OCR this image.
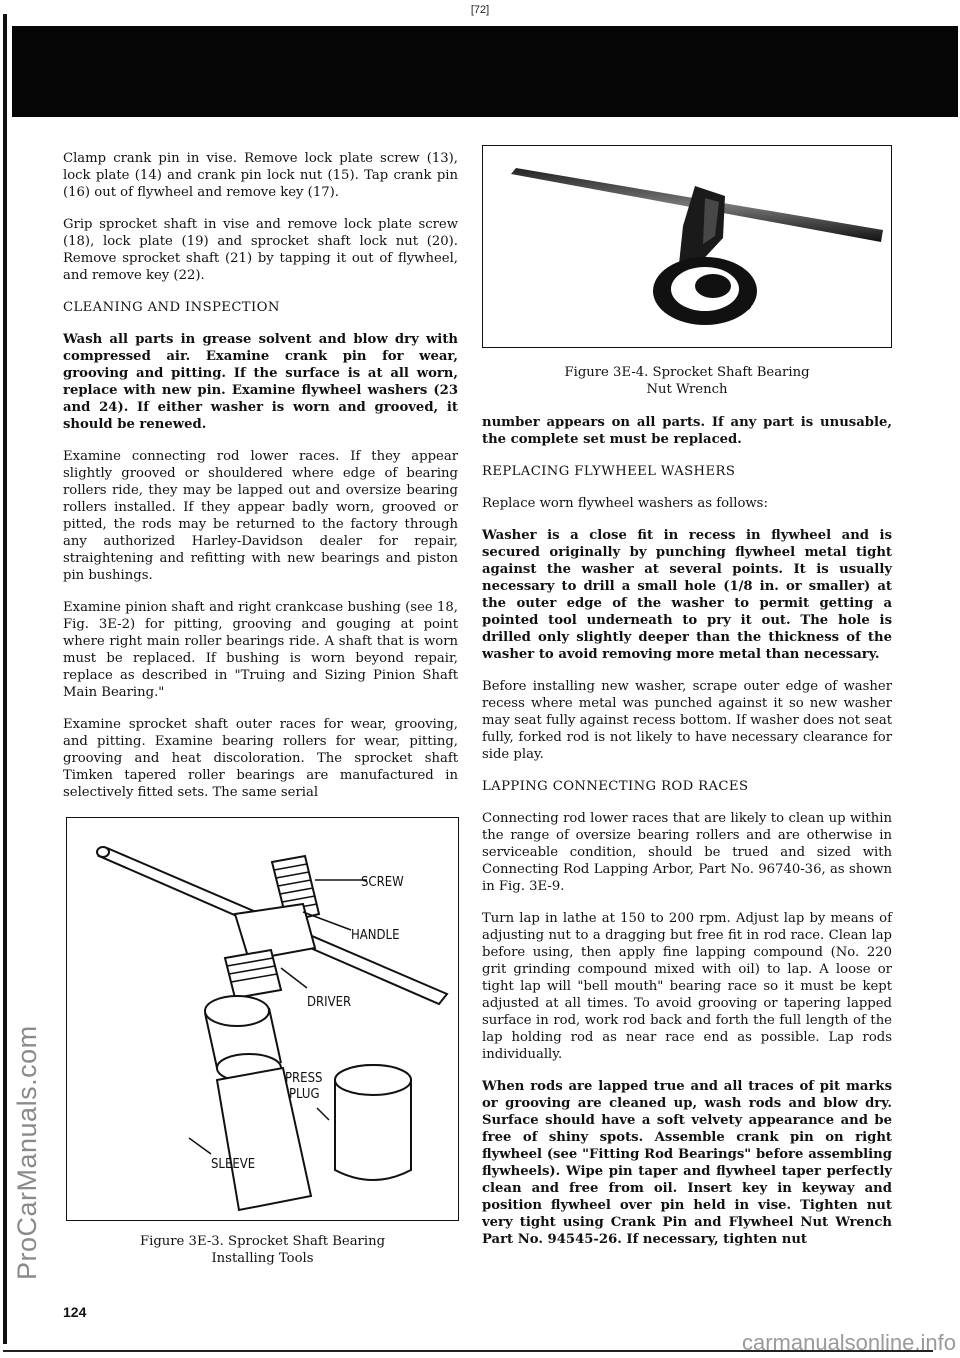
[72]
ProCarManuals.com

Clamp crank pin in vise. Remove lock plate screw (13), lock plate (14) and crank pin lock nut (15). Tap crank pin (16) out of flywheel and remove key (17).

Grip sprocket shaft in vise and remove lock plate screw (18), lock plate (19) and sprocket shaft lock nut (20). Remove sprocket shaft (21) by tapping it out of flywheel, and remove key (22).

CLEANING AND INSPECTION

Wash all parts in grease solvent and blow dry with compressed air. Examine crank pin for wear, grooving and pitting. If the surface is at all worn, replace with new pin. Examine flywheel washers (23 and 24). If either washer is worn and grooved, it should be renewed.

Examine connecting rod lower races. If they appear slightly grooved or shouldered where edge of bearing rollers ride, they may be lapped out and oversize bearing rollers installed. If they appear badly worn, grooved or pitted, the rods may be returned to the factory through any authorized Harley-Davidson dealer for repair, straightening and refitting with new bearings and piston pin bushings.

Examine pinion shaft and right crankcase bushing (see 18, Fig. 3E-2) for pitting, grooving and gouging at point where right main roller bearings ride. A shaft that is worn must be replaced. If bushing is worn beyond repair, replace as described in "Truing and Sizing Pinion Shaft Main Bearing."

Examine sprocket shaft outer races for wear, grooving, and pitting. Examine bearing rollers for wear, pitting, grooving and heat discoloration. The sprocket shaft Timken tapered roller bearings are manufactured in selectively fitted sets. The same serial

Figure 3E-4. Sprocket Shaft Bearing
Nut Wrench

number appears on all parts. If any part is unusable, the complete set must be replaced.

REPLACING FLYWHEEL WASHERS

Replace worn flywheel washers as follows:

Washer is a close fit in recess in flywheel and is secured originally by punching flywheel metal tight against the washer at several points. It is usually necessary to drill a small hole (1/8 in. or smaller) at the outer edge of the washer to permit getting a pointed tool underneath to pry it out. The hole is drilled only slightly deeper than the thickness of the washer to avoid removing more metal than necessary.

Before installing new washer, scrape outer edge of washer recess where metal was punched against it so new washer may seat fully against recess bottom. If washer does not seat fully, forked rod is not likely to have necessary clearance for side play.

LAPPING CONNECTING ROD RACES

Connecting rod lower races that are likely to clean up within the range of oversize bearing rollers and are otherwise in serviceable condition, should be trued and sized with Connecting Rod Lapping Arbor, Part No. 96740-36, as shown in Fig. 3E-9.

Turn lap in lathe at 150 to 200 rpm. Adjust lap by means of adjusting nut to a dragging but free fit in rod race. Clean lap before using, then apply fine lapping compound (No. 220 grit grinding compound mixed with oil) to lap. A loose or tight lap will "bell mouth" bearing race so it must be kept adjusted at all times. To avoid grooving or tapering lapped surface in rod, work rod back and forth the full length of the lap holding rod as near race end as possible. Lap rods individually.

When rods are lapped true and all traces of pit marks or grooving are cleaned up, wash rods and blow dry. Surface should have a soft velvety appearance and be free of shiny spots. Assemble crank pin on right flywheel (see "Fitting Rod Bearings" before assembling flywheels). Wipe pin taper and flywheel taper perfectly clean and free from oil. Insert key in keyway and position flywheel over pin held in vise. Tighten nut very tight using Crank Pin and Flywheel Nut Wrench Part No. 94545-26. If necessary, tighten nut

SCREW
HANDLE
DRIVER
PRESS
PLUG
SLEEVE
Figure 3E-3. Sprocket Shaft Bearing
Installing Tools
124
carmanualsonline.info
